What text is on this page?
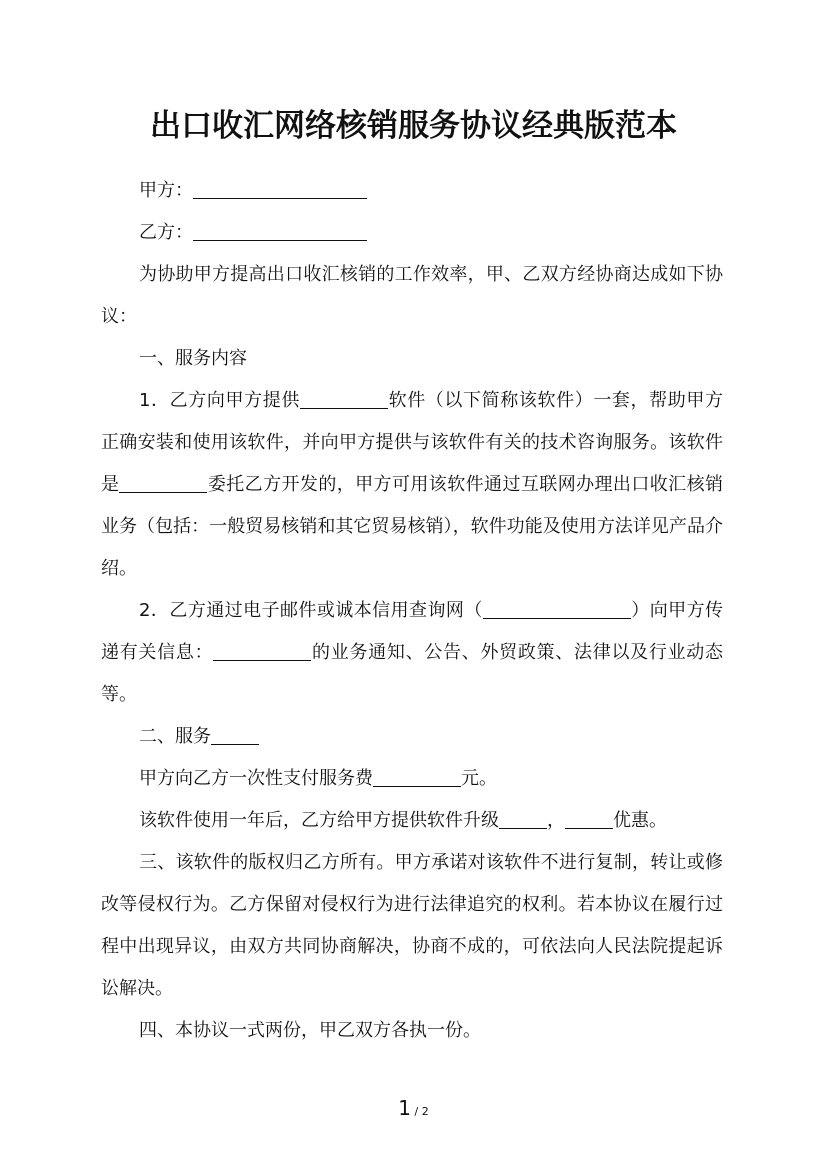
出口收汇网络核销服务协议经典版范本

甲方：

乙方：

为协助甲方提高出口收汇核销的工作效率，甲、乙双方经协商达成如下协议：

一、服务内容

1．乙方向甲方提供	软件（以下简称该软件）一套，帮助甲方正确安装和使用该软件，并向甲方提供与该软件有关的技术咨询服务。该软件是	委托乙方开发的，甲方可用该软件通过互联网办理出口收汇核销业务（包括：一般贸易核销和其它贸易核销），软件功能及使用方法详见产品介绍。

2．乙方通过电子邮件或诚本信用查询网（	）向甲方传递有关信息：	的业务通知、公告、外贸政策、法律以及行业动态等。

二、服务

甲方向乙方一次性支付服务费	元。

该软件使用一年后，乙方给甲方提供软件升级	，	优惠。

三、该软件的版权归乙方所有。甲方承诺对该软件不进行复制，转让或修改等侵权行为。乙方保留对侵权行为进行法律追究的权利。若本协议在履行过程中出现异议，由双方共同协商解决，协商不成的，可依法向人民法院提起诉讼解决。

四、本协议一式两份，甲乙双方各执一份。

1 / 2
